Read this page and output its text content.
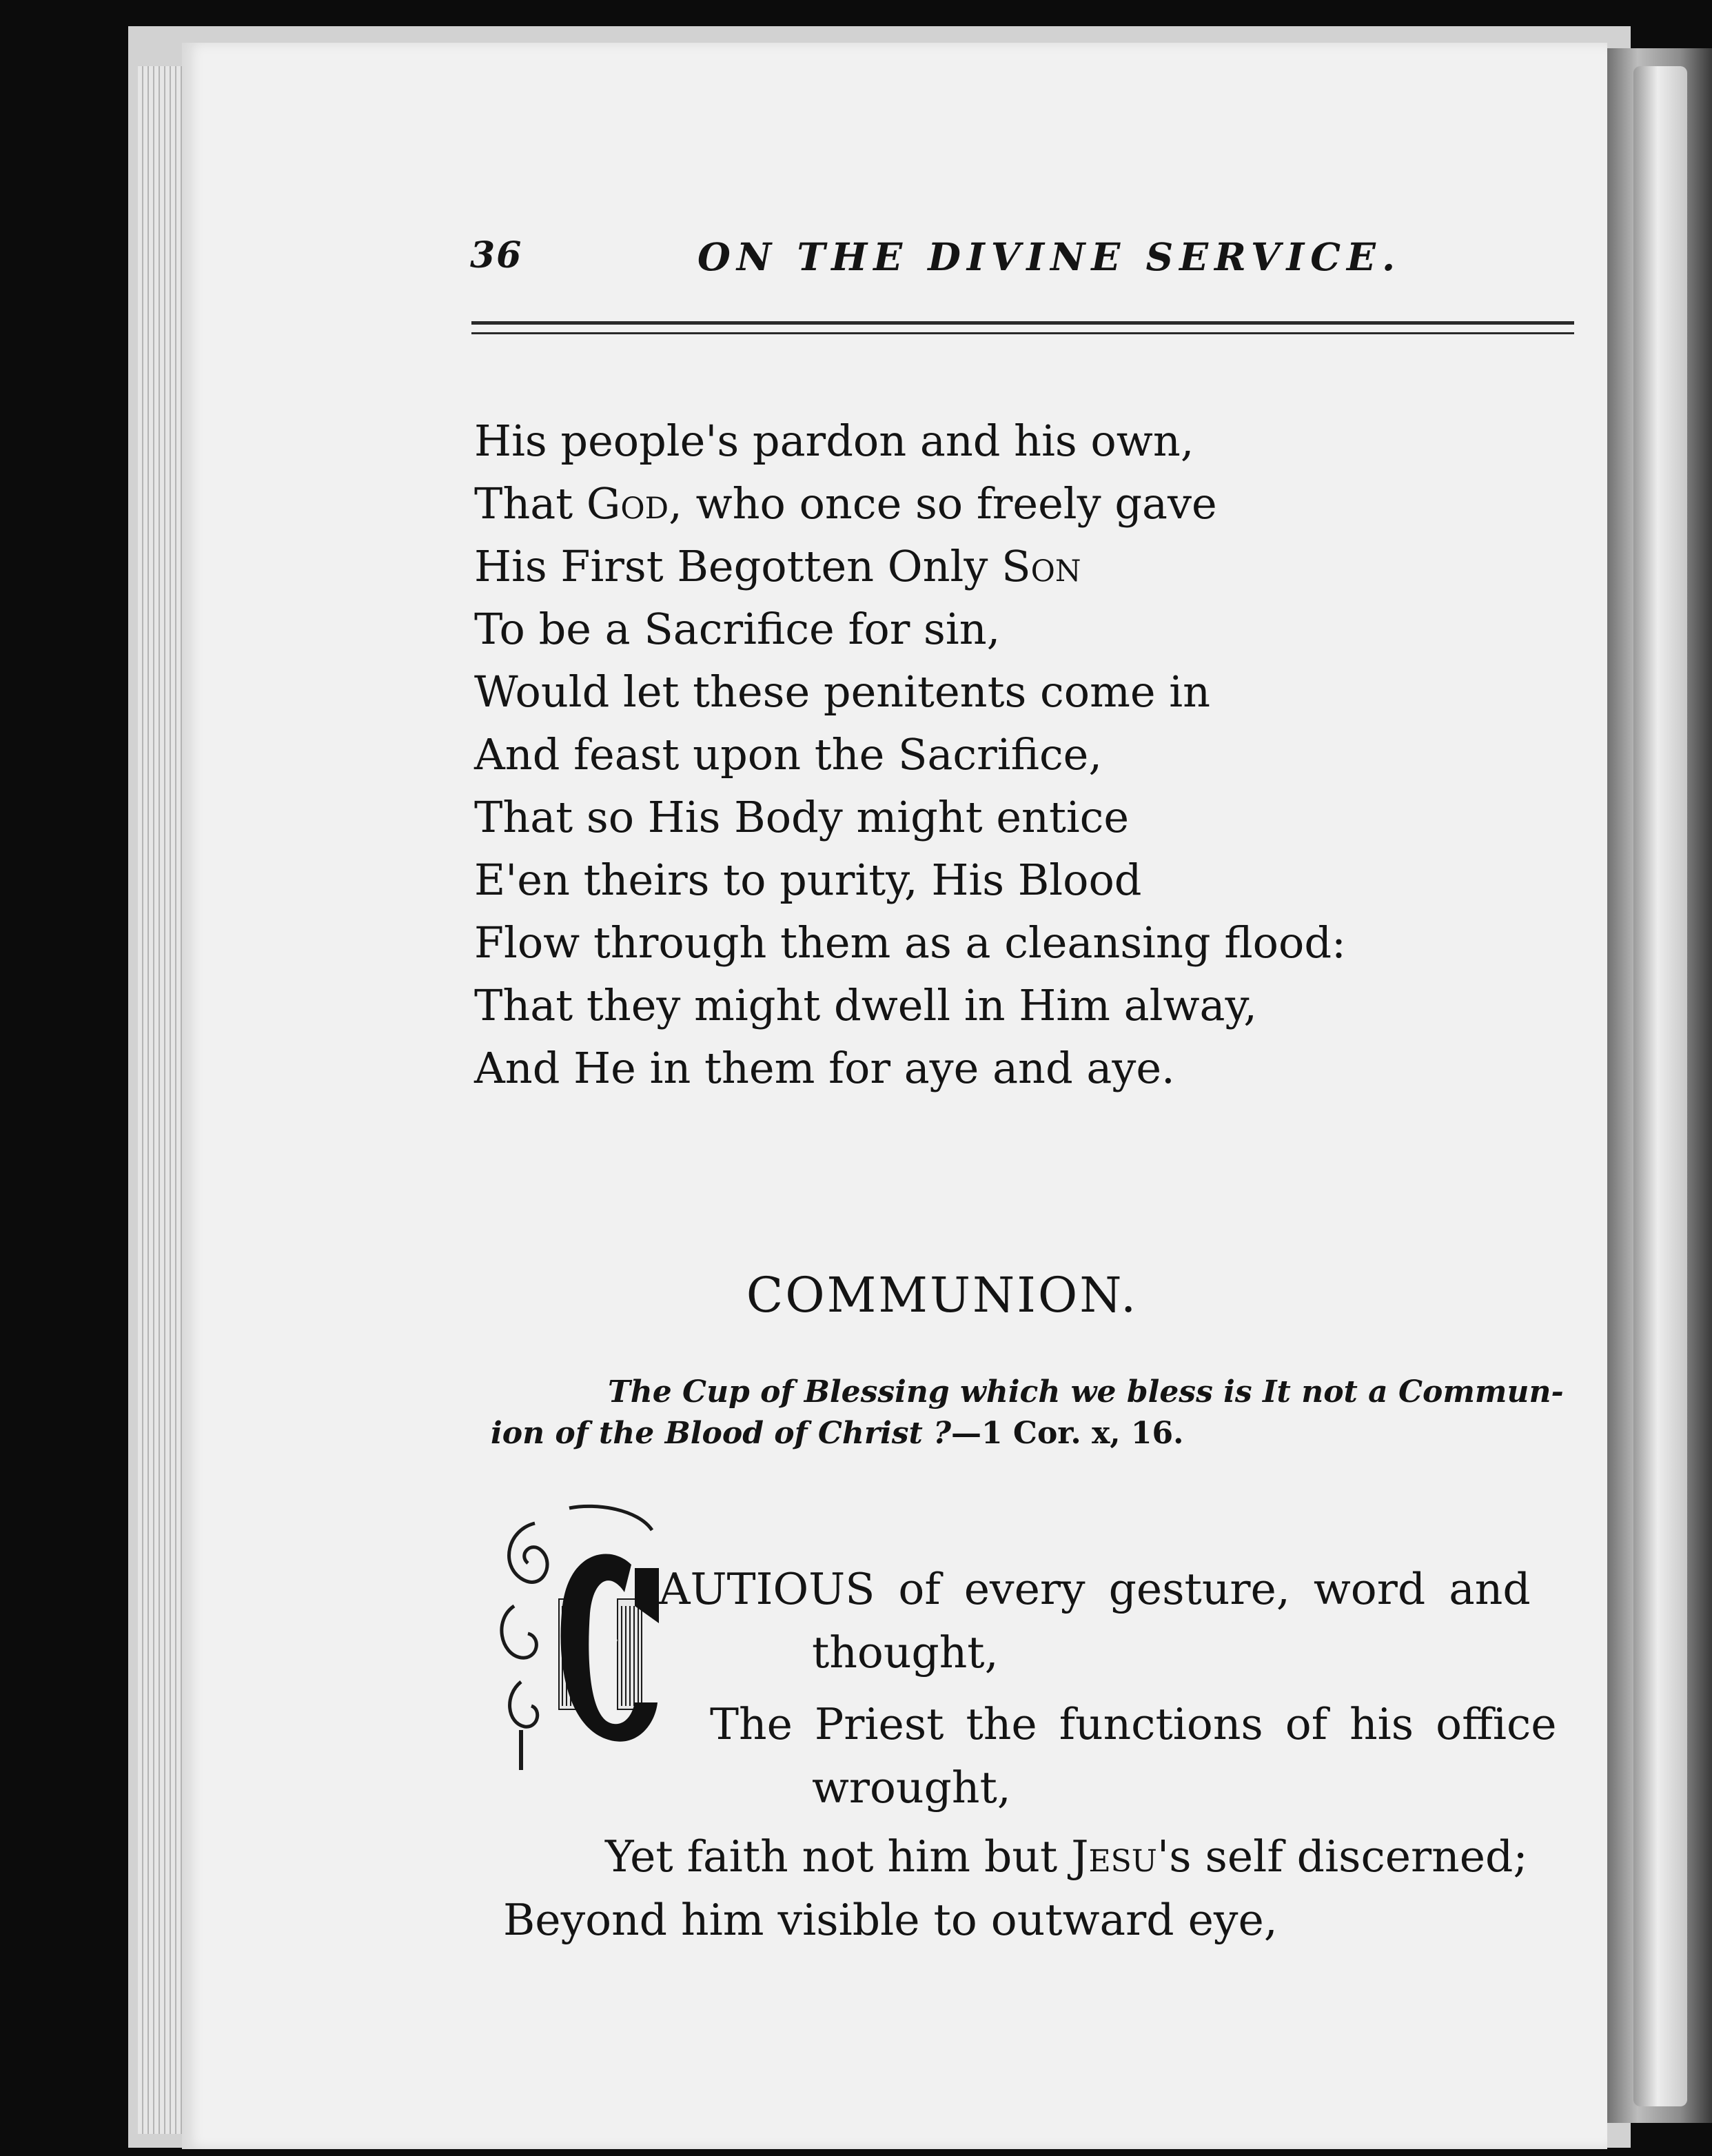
36	ON THE DIVINE SERVICE.
His people's pardon and his own,
That God, who once so freely gave
His First Begotten Only Son
To be a Sacrifice for sin,
Would let these penitents come in
And feast upon the Sacrifice,
That so His Body might entice
E'en theirs to purity, His Blood
Flow through them as a cleansing flood:
That they might dwell in Him alway,
And He in them for aye and aye.
COMMUNION.
The Cup of Blessing which we bless is It not a Commun-
ion of the Blood of Christ ?—1 Cor. x, 16.
C
AUTIOUS of every gesture, word and
thought,
The Priest the functions of his office
wrought,
Yet faith not him but Jesu's self discerned;
Beyond him visible to outward eye,
